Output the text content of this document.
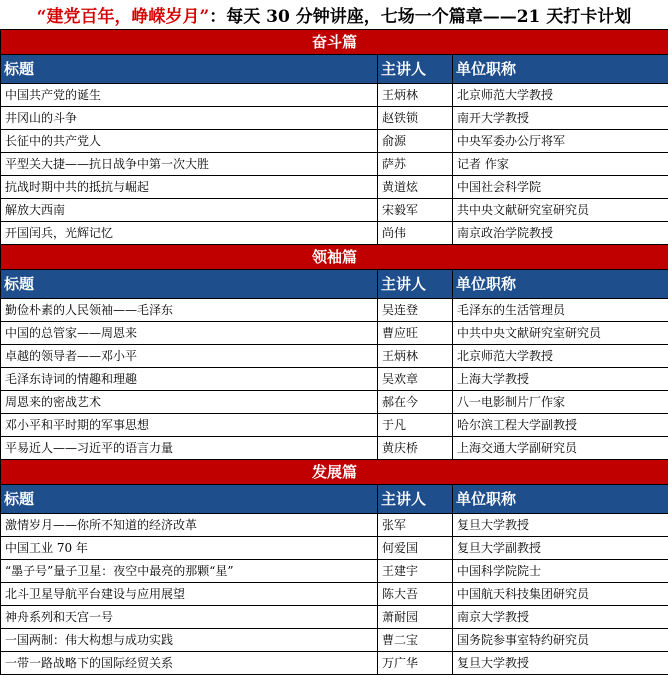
“建党百年，峥嵘岁月” ：每天 30 分钟讲座，七场一个篇章——21 天打卡计划
奋斗篇		
标题	主讲人	单位职称
中国共产党的诞生	王炳林	北京师范大学教授
井冈山的斗争	赵铁锁	南开大学教授
长征中的共产党人	俞源	中央军委办公厅将军
平型关大捷——抗日战争中第一次大胜	萨苏	记者 作家
抗战时期中共的抵抗与崛起	黄道炫	中国社会科学院
解放大西南	宋毅军	共中央文献研究室研究员
开国闰兵，光辉记忆	尚伟	南京政治学院教授
领袖篇		
标题	主讲人	单位职称
勤俭朴素的人民领袖——毛泽东	吴连登	毛泽东的生活管理员
中国的总管家——周恩来	曹应旺	中共中央文献研究室研究员
卓越的领导者——邓小平	王炳林	北京师范大学教授
毛泽东诗词的情趣和理趣	吴欢章	上海大学教授
周恩来的密战艺术	郝在今	八一电影制片厂作家
邓小平和平时期的军事思想	于凡	哈尔滨工程大学副教授
平易近人——习近平的语言力量	黄庆桥	上海交通大学副研究员
发展篇		
标题	主讲人	单位职称
激情岁月——你所不知道的经济改革	张军	复旦大学教授
中国工业 70 年	何爱国	复旦大学副教授
“墨子号”量子卫星：夜空中最亮的那颗“星”	王建宇	中国科学院院士
北斗卫星导航平台建设与应用展望	陈大吾	中国航天科技集团研究员
神舟系列和天宫一号	萧耐园	南京大学教授
一国两制：伟大构想与成功实践	曹二宝	国务院参事室特约研究员
一带一路战略下的国际经贸关系	万广华	复旦大学教授
